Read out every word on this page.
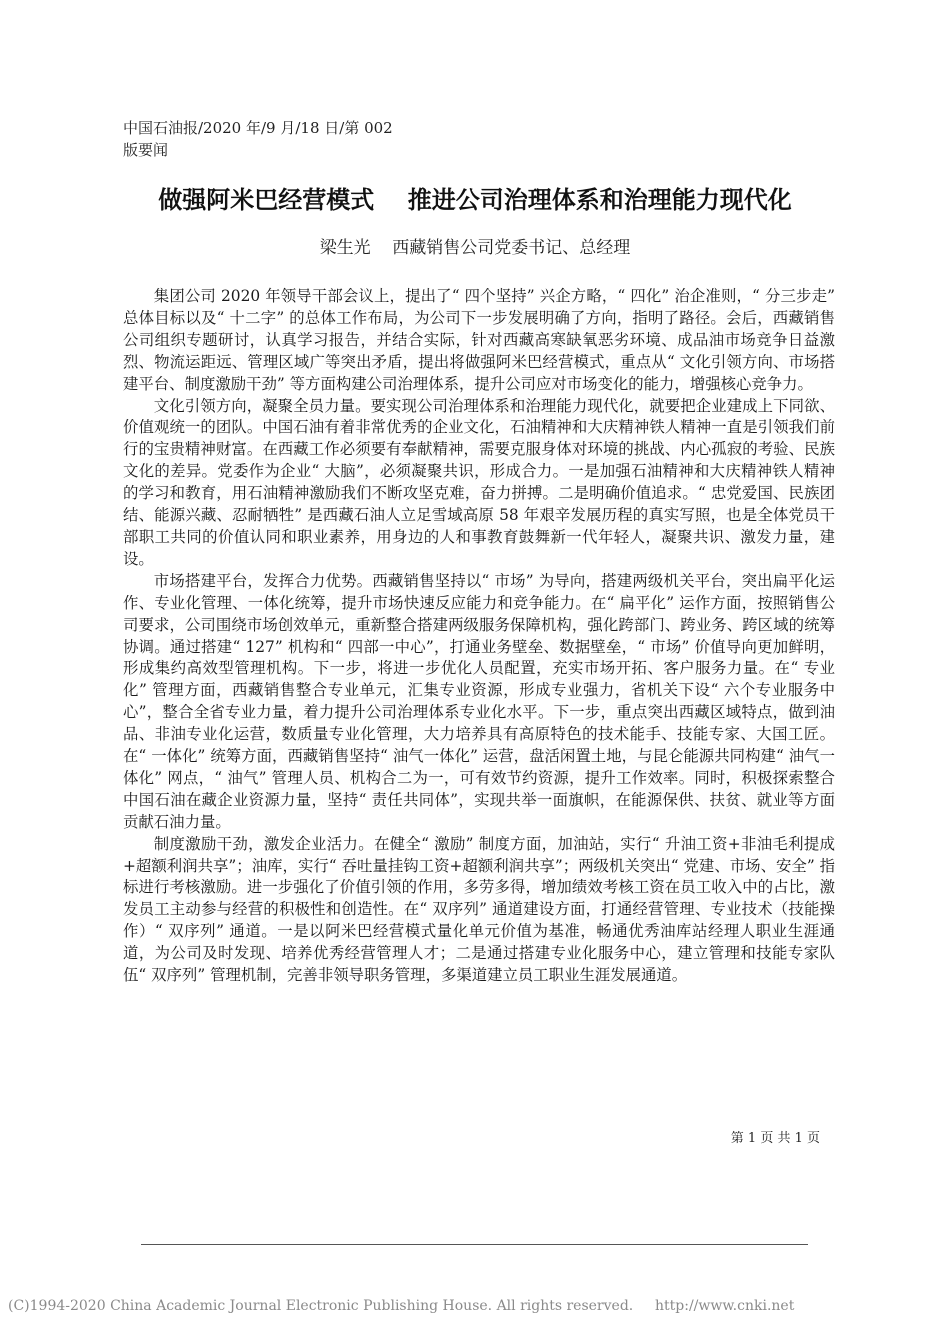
中国石油报/2020 年/9 月/18 日/第 002
版要闻
做强阿米巴经营模式    推进公司治理体系和治理能力现代化
梁生光    西藏销售公司党委书记、总经理

集团公司 2020 年领导干部会议上，提出了“ 四个坚持” 兴企方略，“ 四化” 治企准则，“ 分三步走” 总体目标以及“ 十二字” 的总体工作布局，为公司下一步发展明确了方向，指明了路径。会后，西藏销售公司组织专题研讨，认真学习报告，并结合实际，针对西藏高寒缺氧恶劣环境、成品油市场竞争日益激烈、物流运距远、管理区域广等突出矛盾，提出将做强阿米巴经营模式，重点从“ 文化引领方向、市场搭建平台、制度激励干劲” 等方面构建公司治理体系，提升公司应对市场变化的能力，增强核心竞争力。

文化引领方向，凝聚全员力量。要实现公司治理体系和治理能力现代化，就要把企业建成上下同欲、价值观统一的团队。中国石油有着非常优秀的企业文化，石油精神和大庆精神铁人精神一直是引领我们前行的宝贵精神财富。在西藏工作必须要有奉献精神，需要克服身体对环境的挑战、内心孤寂的考验、民族文化的差异。党委作为企业“ 大脑”，必须凝聚共识，形成合力。一是加强石油精神和大庆精神铁人精神的学习和教育，用石油精神激励我们不断攻坚克难，奋力拼搏。二是明确价值追求。“ 忠党爱国、民族团结、能源兴藏、忍耐牺牲” 是西藏石油人立足雪域高原 58 年艰辛发展历程的真实写照，也是全体党员干部职工共同的价值认同和职业素养，用身边的人和事教育鼓舞新一代年轻人，凝聚共识、激发力量，建设。

市场搭建平台，发挥合力优势。西藏销售坚持以“ 市场” 为导向，搭建两级机关平台，突出扁平化运作、专业化管理、一体化统筹，提升市场快速反应能力和竞争能力。在“ 扁平化” 运作方面，按照销售公司要求，公司围绕市场创效单元，重新整合搭建两级服务保障机构，强化跨部门、跨业务、跨区域的统筹协调。通过搭建“ 127” 机构和“ 四部一中心”，打通业务壁垒、数据壁垒，“ 市场” 价值导向更加鲜明，形成集约高效型管理机构。下一步，将进一步优化人员配置，充实市场开拓、客户服务力量。在“ 专业化” 管理方面，西藏销售整合专业单元，汇集专业资源，形成专业强力，省机关下设“ 六个专业服务中心”，整合全省专业力量，着力提升公司治理体系专业化水平。下一步，重点突出西藏区域特点，做到油品、非油专业化运营，数质量专业化管理，大力培养具有高原特色的技术能手、技能专家、大国工匠。在“ 一体化” 统筹方面，西藏销售坚持“ 油气一体化” 运营，盘活闲置土地，与昆仑能源共同构建“ 油气一体化” 网点，“ 油气” 管理人员、机构合二为一，可有效节约资源，提升工作效率。同时，积极探索整合中国石油在藏企业资源力量，坚持“ 责任共同体”，实现共举一面旗帜，在能源保供、扶贫、就业等方面贡献石油力量。

制度激励干劲，激发企业活力。在健全“ 激励” 制度方面，加油站，实行“ 升油工资+非油毛利提成+超额利润共享”；油库，实行“ 吞吐量挂钩工资+超额利润共享”；两级机关突出“ 党建、市场、安全” 指标进行考核激励。进一步强化了价值引领的作用，多劳多得，增加绩效考核工资在员工收入中的占比，激发员工主动参与经营的积极性和创造性。在“ 双序列” 通道建设方面，打通经营管理、专业技术（技能操作）“ 双序列” 通道。一是以阿米巴经营模式量化单元价值为基准，畅通优秀油库站经理人职业生涯通道，为公司及时发现、培养优秀经营管理人才；二是通过搭建专业化服务中心，建立管理和技能专家队伍“ 双序列” 管理机制，完善非领导职务管理，多渠道建立员工职业生涯发展通道。

第 1 页 共 1 页
(C)1994-2020 China Academic Journal Electronic Publishing House. All rights reserved. http://www.cnki.net
